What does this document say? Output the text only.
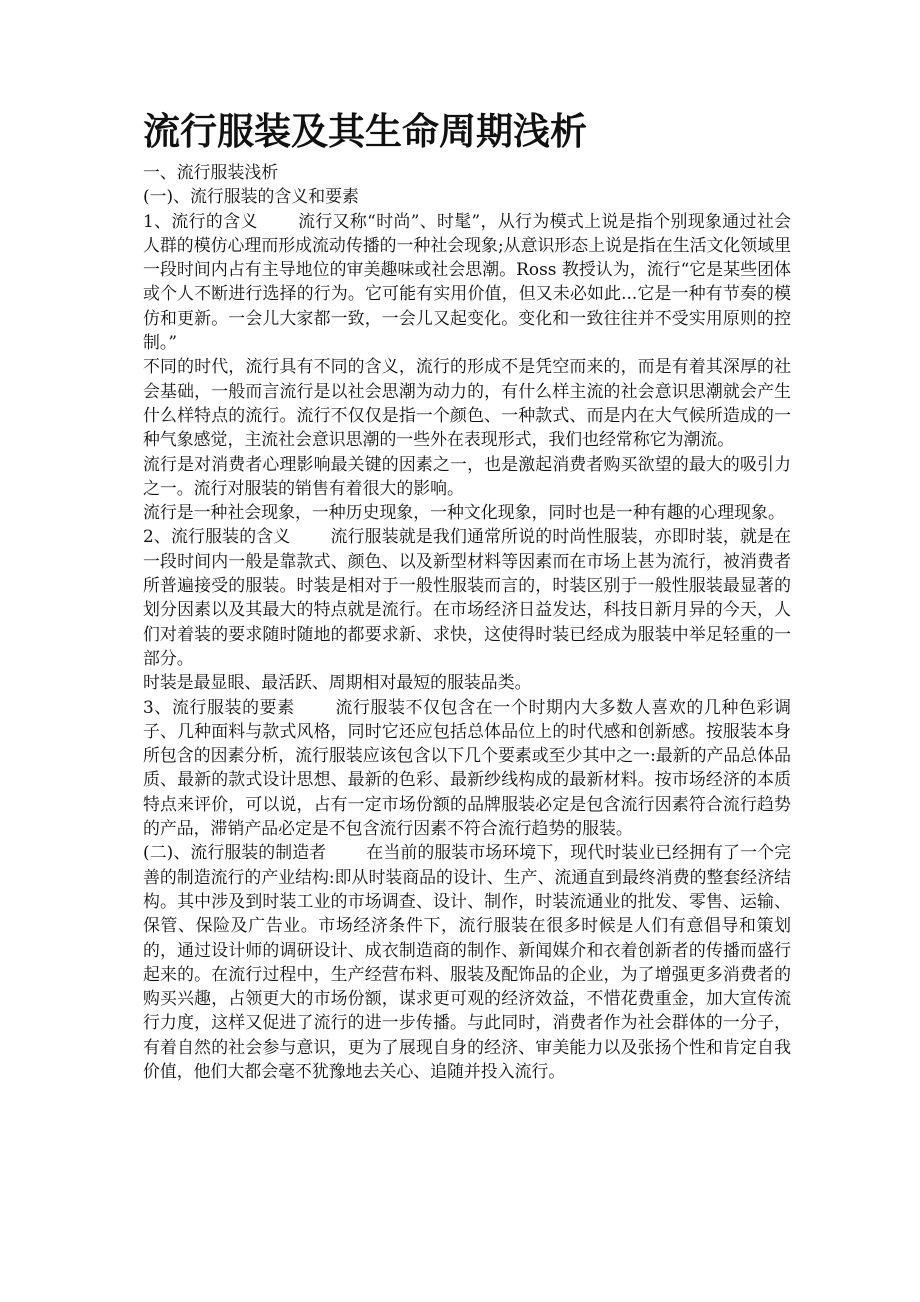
流行服装及其生命周期浅析

一、流行服装浅析

(一)、流行服装的含义和要素

1、流行的含义 流行又称“时尚”、时髦”，从行为模式上说是指个别现象通过社会人群的模仿心理而形成流动传播的一种社会现象;从意识形态上说是指在生活文化领域里一段时间内占有主导地位的审美趣味或社会思潮。Ross 教授认为，流行“它是某些团体或个人不断进行选择的行为。它可能有实用价值，但又未必如此...它是一种有节奏的模仿和更新。一会儿大家都一致，一会儿又起变化。变化和一致往往并不受实用原则的控制。”

不同的时代，流行具有不同的含义，流行的形成不是凭空而来的，而是有着其深厚的社会基础，一般而言流行是以社会思潮为动力的，有什么样主流的社会意识思潮就会产生什么样特点的流行。流行不仅仅是指一个颜色、一种款式、而是内在大气候所造成的一种气象感觉，主流社会意识思潮的一些外在表现形式，我们也经常称它为潮流。

流行是对消费者心理影响最关键的因素之一，也是激起消费者购买欲望的最大的吸引力之一。流行对服装的销售有着很大的影响。

流行是一种社会现象，一种历史现象，一种文化现象，同时也是一种有趣的心理现象。

2、流行服装的含义 流行服装就是我们通常所说的时尚性服装，亦即时装，就是在一段时间内一般是靠款式、颜色、以及新型材料等因素而在市场上甚为流行，被消费者所普遍接受的服装。时装是相对于一般性服装而言的，时装区别于一般性服装最显著的划分因素以及其最大的特点就是流行。在市场经济日益发达，科技日新月异的今天，人们对着装的要求随时随地的都要求新、求快，这使得时装已经成为服装中举足轻重的一部分。

时装是最显眼、最活跃、周期相对最短的服装品类。

3、流行服装的要素 流行服装不仅包含在一个时期内大多数人喜欢的几种色彩调子、几种面料与款式风格，同时它还应包括总体品位上的时代感和创新感。按服装本身所包含的因素分析，流行服装应该包含以下几个要素或至少其中之一:最新的产品总体品质、最新的款式设计思想、最新的色彩、最新纱线构成的最新材料。按市场经济的本质特点来评价，可以说，占有一定市场份额的品牌服装必定是包含流行因素符合流行趋势的产品，滞销产品必定是不包含流行因素不符合流行趋势的服装。

(二)、流行服装的制造者 在当前的服装市场环境下，现代时装业已经拥有了一个完善的制造流行的产业结构:即从时装商品的设计、生产、流通直到最终消费的整套经济结构。其中涉及到时装工业的市场调查、设计、制作，时装流通业的批发、零售、运输、保管、保险及广告业。市场经济条件下，流行服装在很多时候是人们有意倡导和策划的，通过设计师的调研设计、成衣制造商的制作、新闻媒介和衣着创新者的传播而盛行起来的。在流行过程中，生产经营布料、服装及配饰品的企业，为了增强更多消费者的购买兴趣，占领更大的市场份额，谋求更可观的经济效益，不惜花费重金，加大宣传流行力度，这样又促进了流行的进一步传播。与此同时，消费者作为社会群体的一分子，有着自然的社会参与意识，更为了展现自身的经济、审美能力以及张扬个性和肯定自我价值，他们大都会毫不犹豫地去关心、追随并投入流行。
